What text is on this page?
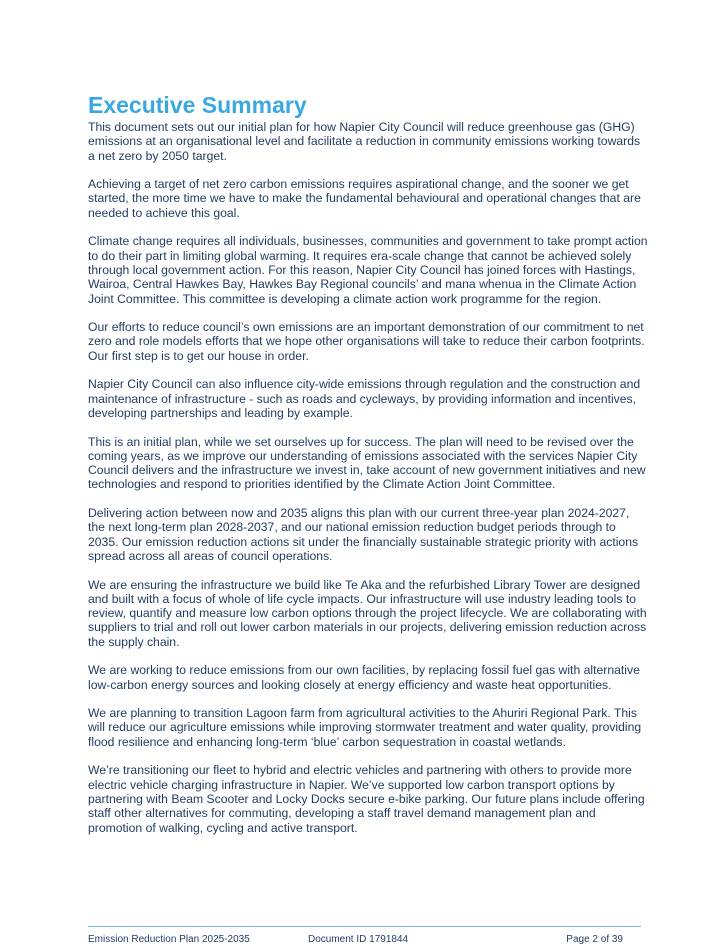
Executive Summary

This document sets out our initial plan for how Napier City Council will reduce greenhouse gas (GHG) emissions at an organisational level and facilitate a reduction in community emissions working towards a net zero by 2050 target.

Achieving a target of net zero carbon emissions requires aspirational change, and the sooner we get started, the more time we have to make the fundamental behavioural and operational changes that are needed to achieve this goal.

Climate change requires all individuals, businesses, communities and government to take prompt action to do their part in limiting global warming. It requires era-scale change that cannot be achieved solely through local government action. For this reason, Napier City Council has joined forces with Hastings, Wairoa, Central Hawkes Bay, Hawkes Bay Regional councils’ and mana whenua in the Climate Action Joint Committee. This committee is developing a climate action work programme for the region.

Our efforts to reduce council’s own emissions are an important demonstration of our commitment to net zero and role models efforts that we hope other organisations will take to reduce their carbon footprints. Our first step is to get our house in order.

Napier City Council can also influence city-wide emissions through regulation and the construction and maintenance of infrastructure - such as roads and cycleways, by providing information and incentives, developing partnerships and leading by example.

This is an initial plan, while we set ourselves up for success. The plan will need to be revised over the coming years, as we improve our understanding of emissions associated with the services Napier City Council delivers and the infrastructure we invest in, take account of new government initiatives and new technologies and respond to priorities identified by the Climate Action Joint Committee.

Delivering action between now and 2035 aligns this plan with our current three-year plan 2024-2027, the next long-term plan 2028-2037, and our national emission reduction budget periods through to 2035. Our emission reduction actions sit under the financially sustainable strategic priority with actions spread across all areas of council operations.

We are ensuring the infrastructure we build like Te Aka and the refurbished Library Tower are designed and built with a focus of whole of life cycle impacts. Our infrastructure will use industry leading tools to review, quantify and measure low carbon options through the project lifecycle. We are collaborating with suppliers to trial and roll out lower carbon materials in our projects, delivering emission reduction across the supply chain.

We are working to reduce emissions from our own facilities, by replacing fossil fuel gas with alternative low-carbon energy sources and looking closely at energy efficiency and waste heat opportunities.

We are planning to transition Lagoon farm from agricultural activities to the Ahuriri Regional Park. This will reduce our agriculture emissions while improving stormwater treatment and water quality, providing flood resilience and enhancing long-term ‘blue’ carbon sequestration in coastal wetlands.

We’re transitioning our fleet to hybrid and electric vehicles and partnering with others to provide more electric vehicle charging infrastructure in Napier. We’ve supported low carbon transport options by partnering with Beam Scooter and Locky Docks secure e-bike parking. Our future plans include offering staff other alternatives for commuting, developing a staff travel demand management plan and promotion of walking, cycling and active transport.

Emission Reduction Plan 2025-2035	Document ID 1791844	Page 2 of 39
